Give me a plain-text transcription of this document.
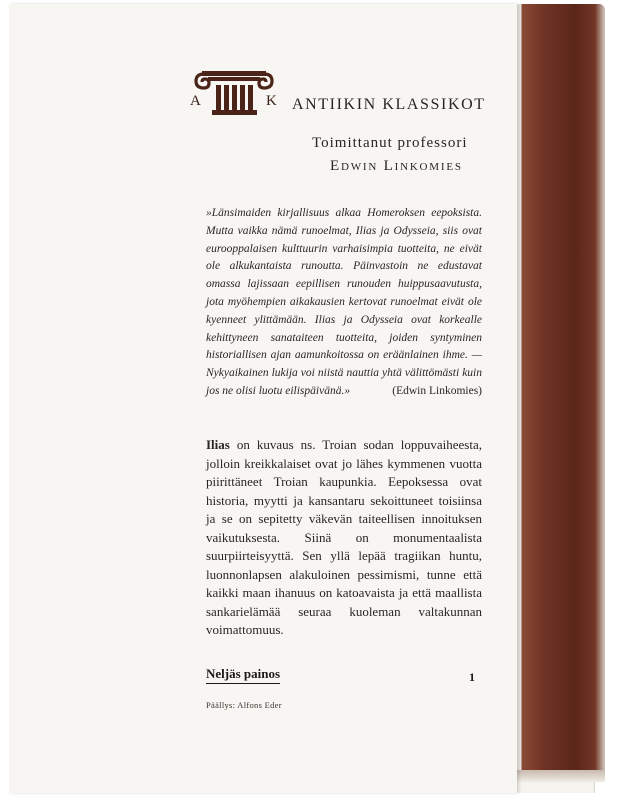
A	K ANTIIKIN KLASSIKOT
Toimittanut professori
Edwin Linkomies
»Länsimaiden kirjallisuus alkaa Homeroksen eepoksista. Mutta vaikka nämä runoelmat, Ilias ja Odysseia, siis ovat eurooppalaisen kulttuurin varhaisimpia tuotteita, ne eivät ole alkukantaista runoutta. Päinvastoin ne edustavat omassa lajissaan eepillisen runouden huippusaavutusta, jota myöhempien aikakausien kertovat runoelmat eivät ole kyenneet ylittämään. Ilias ja Odysseia ovat korkealle kehittyneen sanataiteen tuotteita, joiden syntyminen historiallisen ajan aamunkoitossa on eräänlainen ihme. — Nykyaikainen lukija voi niistä nauttia yhtä välittömästi kuin jos ne olisi luotu eilispäivänä.»	(Edwin Linkomies)
Ilias on kuvaus ns. Troian sodan loppuvaiheesta, jolloin kreikkalaiset ovat jo lähes kymmenen vuotta piirittäneet Troian kaupunkia. Eepoksessa ovat historia, myytti ja kansantaru sekoittuneet toisiinsa ja se on sepitetty väkevän taiteellisen innoituksen vaikutuksesta. Siinä on monumentaalista suurpiirteisyyttä. Sen yllä lepää tragiikan huntu, luonnonlapsen alakuloinen pessimismi, tunne että kaikki maan ihanuus on katoavaista ja että maallista sankarielämää seuraa kuoleman valtakunnan voimattomuus.
Neljäs painos	1
Päällys: Alfons Eder
